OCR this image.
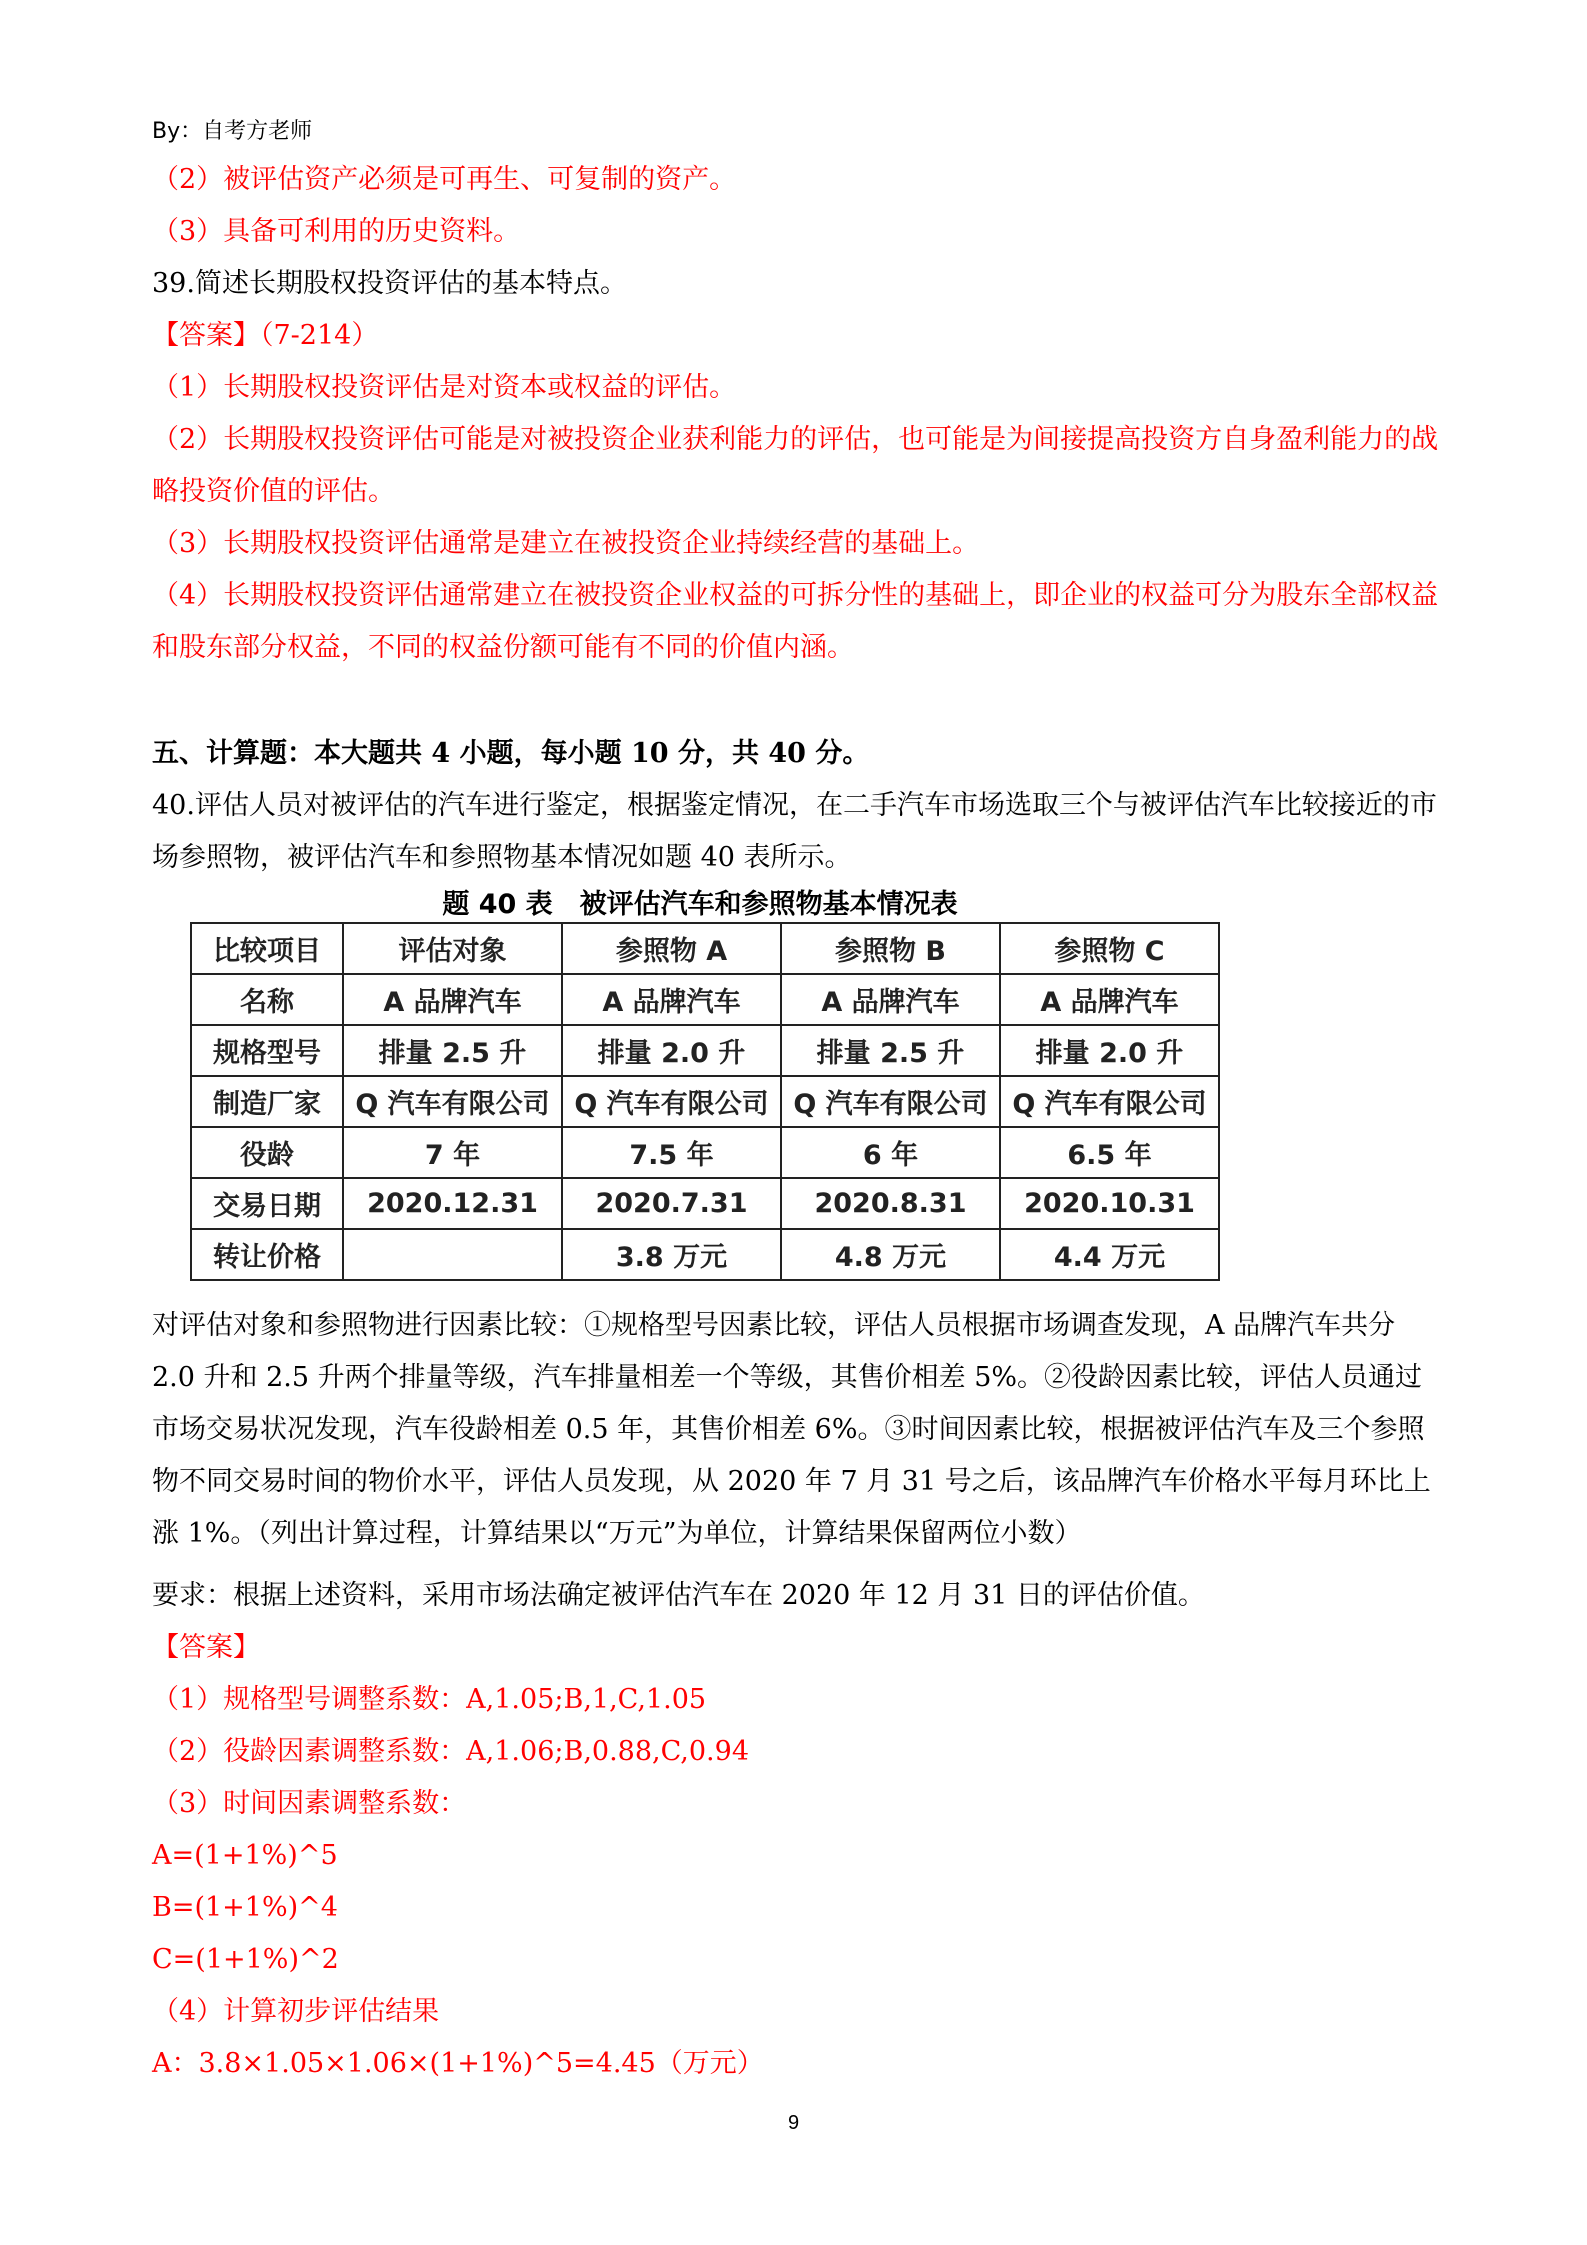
By：自考方老师
（2）被评估资产必须是可再生、可复制的资产。
（3）具备可利用的历史资料。
39.简述长期股权投资评估的基本特点。
【答案】（7-214）
（1）长期股权投资评估是对资本或权益的评估。
（2）长期股权投资评估可能是对被投资企业获利能力的评估，也可能是为间接提高投资方自身盈利能力的战略投资价值的评估。
（3）长期股权投资评估通常是建立在被投资企业持续经营的基础上。
（4）长期股权投资评估通常建立在被投资企业权益的可拆分性的基础上，即企业的权益可分为股东全部权益和股东部分权益，不同的权益份额可能有不同的价值内涵。
五、计算题：本大题共 4 小题，每小题 10 分，共 40 分。
40.评估人员对被评估的汽车进行鉴定，根据鉴定情况，在二手汽车市场选取三个与被评估汽车比较接近的市场参照物，被评估汽车和参照物基本情况如题 40 表所示。
题 40 表　被评估汽车和参照物基本情况表
比较项目	评估对象	参照物 A	参照物 B	参照物 C
名称	A 品牌汽车	A 品牌汽车	A 品牌汽车	A 品牌汽车
规格型号	排量 2.5 升	排量 2.0 升	排量 2.5 升	排量 2.0 升
制造厂家	Q 汽车有限公司	Q 汽车有限公司	Q 汽车有限公司	Q 汽车有限公司
役龄	7 年	7.5 年	6 年	6.5 年
交易日期	2020.12.31	2020.7.31	2020.8.31	2020.10.31
转让价格		3.8 万元	4.8 万元	4.4 万元
对评估对象和参照物进行因素比较：①规格型号因素比较，评估人员根据市场调查发现，A 品牌汽车共分 2.0 升和 2.5 升两个排量等级，汽车排量相差一个等级，其售价相差 5%。②役龄因素比较，评估人员通过市场交易状况发现，汽车役龄相差 0.5 年，其售价相差 6%。③时间因素比较，根据被评估汽车及三个参照物不同交易时间的物价水平，评估人员发现，从 2020 年 7 月 31 号之后，该品牌汽车价格水平每月环比上涨 1%。（列出计算过程，计算结果以“万元”为单位，计算结果保留两位小数）
要求：根据上述资料，采用市场法确定被评估汽车在 2020 年 12 月 31 日的评估价值。
【答案】
（1）规格型号调整系数：A,1.05;B,1,C,1.05
（2）役龄因素调整系数：A,1.06;B,0.88,C,0.94
（3）时间因素调整系数：
A=(1+1%)^5
B=(1+1%)^4
C=(1+1%)^2
（4）计算初步评估结果
A：3.8×1.05×1.06×(1+1%)^5=4.45（万元）
9
